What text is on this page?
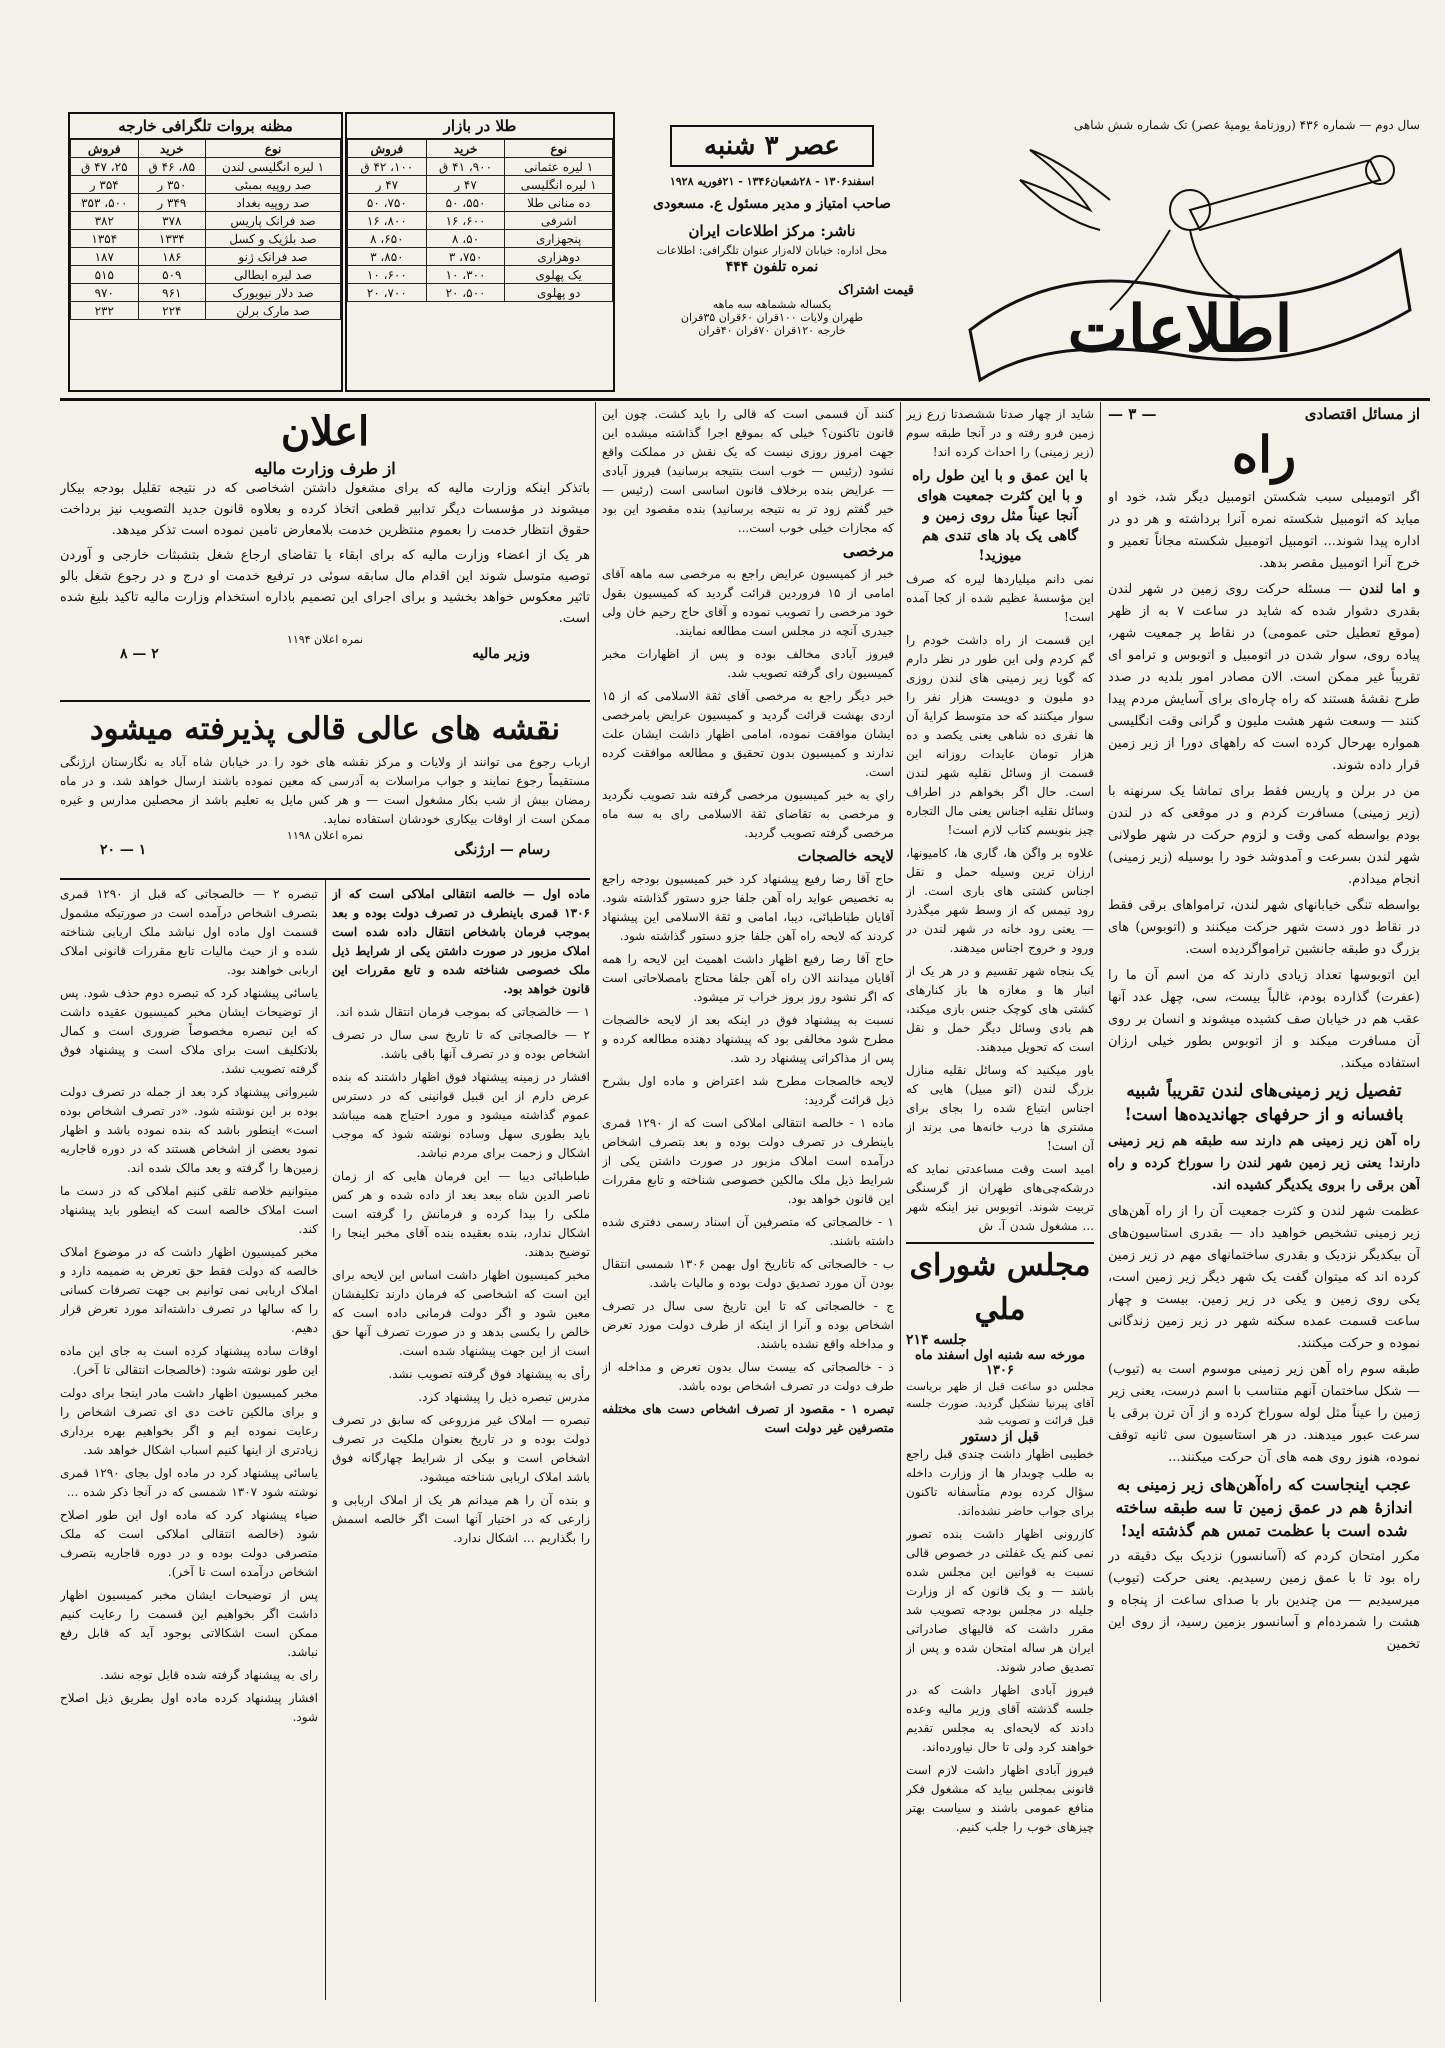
سال دوم — شماره ۴۳۶ (روزنامهٔ یومیهٔ عصر) تک شماره شش شاهی
اطلاعات
عصر ۳ شنبه
اسفند۱۳۰۶ - ۲۸شعبان۱۳۴۶ - ۲۱فوریه ۱۹۲۸
صاحب امتیاز و مدیر مسئول ع. مسعودی
ناشر: مرکز اطلاعات ایران
محل اداره: خیابان لاله‌زار عنوان تلگرافی: اطلاعات
نمره تلفون ۴۴۴
قیمت اشتراک
یکساله ششماهه سه ماهه
طهران ولایات ۱۰۰قران ۶۰قران ۳۵قران
خارجه ۱۲۰قران ۷۰قران ۴۰قران
طلا در بازار
نوع	خرید	فروش
۱ لیره عثمانی	۹۰۰، ۴۱ ق	۱۰۰، ۴۲ ق
۱ لیره انگلیسی	۴۷ ر	۴۷ ر
ده منانی طلا	۵۵۰، ۵۰	۷۵۰، ۵۰
اشرفی	۶۰۰، ۱۶	۸۰۰، ۱۶
پنجهزاری	۵۰، ۸	۶۵۰، ۸
دوهزاری	۷۵۰، ۳	۸۵۰، ۳
یک پهلوی	۳۰۰، ۱۰	۶۰۰، ۱۰
دو پهلوی	۵۰۰، ۲۰	۷۰۰، ۲۰
مظنه بروات تلگرافی خارجه
نوع	خرید	فروش
۱ لیره انگلیسی لندن	۸۵، ۴۶ ق	۲۵، ۴۷ ق
صد روپیه بمبئی	۳۵۰ ر	۳۵۴ ر
صد روپیه بغداد	۳۴۹ ر	۵۰۰، ۳۵۳
صد فرانک پاریس	۳۷۸	۳۸۲
صد بلژیک و کسل	۱۳۳۴	۱۳۵۴
صد فرانک ژنو	۱۸۶	۱۸۷
صد لیره ایطالی	۵۰۹	۵۱۵
صد دلار نیویورک	۹۶۱	۹۷۰
صد مارک برلن	۲۲۴	۲۳۲
از مسائل اقتصادی
— ۳ —
راه

اگر اتومبیلی سبب شکستن اتومبیل دیگر شد، خود او میاید که اتومبیل شکسته نمره آنرا برداشته و هر دو در اداره پیدا شوند... اتومبیل اتومبیل شکسته مجاناً تعمیر و خرج آنرا اتومبیل مقصر بدهد.

و اما لندن — مسئله حرکت روی زمین در شهر لندن بقدری دشوار شده که شاید در ساعت ۷ به از ظهر (موقع تعطیل حتی عمومی) در نقاط پر جمعیت شهر، پیاده روی، سوار شدن در اتومبیل و اتوبوس و ترامو ای تقریباً غیر ممکن است. الان مصادر امور بلدیه در صدد طرح نقشهٔ هستند که راه چاره‌ای برای آسایش مردم پیدا کنند — وسعت شهر هشت ملیون و گرانی وقت انگلیسی همواره بهرحال کرده است که راههای دورا از زیر زمین قرار داده شوند.

من در برلن و پاریس فقط برای تماشا یک سرنهنه با (زیر زمینی) مسافرت کردم و در موقعی که در لندن بودم بواسطه کمی وقت و لزوم حرکت در شهر طولانی شهر لندن بسرعت و آمدوشد خود را بوسیله (زیر زمینی) انجام میدادم.

بواسطه تنگی خیابانهای شهر لندن، ترامواهای برقی فقط در نقاط دور دست شهر حرکت میکنند و (اتوبوس) های بزرگ دو طبقه جانشین ترامواگردیده است.

این اتوبوسها تعداد زیادی دارند که من اسم آن ما را (عفرت) گذارده بودم، غالباً بیست، سی، چهل عدد آنها عقب هم در خیابان صف کشیده میشوند و انسان بر روی آن مسافرت میکند و از اتوبوس بطور خیلی ارزان استفاده میکند.

تفصیل زیر زمینی‌های لندن تقریباً شبیه بافسانه و از حرفهای جهاندیده‌ها است!

راه آهن زیر زمینی هم دارند سه طبقه هم زیر زمینی دارند! یعنی زیر زمین شهر لندن را سوراخ کرده و راه آهن برقی را بروی یکدیگر کشیده اند.

عظمت شهر لندن و کثرت جمعیت آن را از راه آهن‌های زیر زمینی تشخیص خواهید داد — بقدری استاسیون‌های آن بیکدیگر نزدیک و بقدری ساختمانهای مهم در زیر زمین کرده اند که میتوان گفت یک شهر دیگر زیر زمین است، یکی روی زمین و یکی در زیر زمین. بیست و چهار ساعت قسمت عمده سکنه شهر در زیر زمین زندگانی نموده و حرکت میکنند.

طبقه سوم راه آهن زیر زمینی موسوم است به (تیوب) — شکل ساختمان آنهم متناسب با اسم درست، یعنی زیر زمین را عیناً مثل لوله سوراخ کرده و از آن ترن برقی با سرعت عبور میدهند. در هر استاسیون سی ثانیه توقف نموده، هنوز روی همه های آن حرکت میکنند...

عجب اینجاست که راه‌آهن‌های زیر زمینی به اندازهٔ هم در عمق زمین تا سه طبقه ساخته شده است با عظمت تمس هم گذشته اید!

مکرر امتحان کردم که (آسانسور) نزدیک بیک دقیقه در راه بود تا با عمق زمین رسیدیم. یعنی حرکت (تیوب) میرسیدیم — من چندین بار با صدای ساعت از پنجاه و هشت را شمرده‌ام و آسانسور بزمین رسید، از روی این تخمین

شاید از چهار صدتا ششصدتا زرع زیر زمین فرو رفته و در آنجا طبقه سوم (زیر زمینی) را احداث کرده اند!

با این عمق و با این طول راه و با این کثرت جمعیت هوای آنجا عیناً مثل روی زمین و گاهی یک باد های تندی هم میوزید!

نمی دانم میلیاردها لیره که صرف این مؤسسهٔ عظیم شده از کجا آمده است!

این قسمت از راه داشت خودم را گم کردم ولی این طور در نظر دارم که گویا زیر زمینی های لندن روزی دو ملیون و دویست هزار نفر را سوار میکنند که حد متوسط کرایهٔ آن ها نفری ده شاهی یعنی یکصد و ده هزار تومان عایدات روزانه این قسمت از وسائل نقلیه شهر لندن است. حال اگر بخواهم در اطراف وسائل نقلیه اجناس یعنی مال التجاره چیز بنویسم کتاب لازم است!

علاوه بر واگن ها، گاری ها، کامیونها، ارزان ترین وسیله حمل و نقل اجناس کشتی های باری است. از رود تیمس که از وسط شهر میگذرد — یعنی رود خانه در شهر لندن در ورود و خروج اجناس میدهند.

یک بنجاه شهر تقسیم و در هر یک از انبار ها و مغازه ها باز کنارهای کشتی های کوچک جنس بازی میکند، هم بادی وسائل دیگر حمل و نقل است که تحویل میدهند.

باور میکنید که وسائل نقلیه منازل بزرگ لندن (اتو مبیل) هایی که اجناس ابتیاع شده را بجای برای مشتری ها درب خانه‌ها می برند از آن است!

امید است وقت مساعدتی نماید که درشکه‌چی‌های طهران از گرسنگی تربیت شوند. اتوبوس نیز اینکه شهر ... مشغول شدن آ. ش

مجلس شورای ملي
جلسه ۲۱۴
مورخه سه شنبه اول اسفند ماه ۱۳۰۶
مجلس دو ساعت قبل از ظهر بریاست آقای پیرنیا تشکیل گردید. صورت جلسه قبل قرائت و تصویب شد
قبل از دستور

خطیبی اظهار داشت چندی قبل راجع به طلب چوبدار ها از وزارت داخله سؤال کرده بودم متأسفانه تاکنون برای جواب حاضر نشده‌اند.

کازرونی اظهار داشت بنده تصور نمی کنم یک غفلتی در خصوص قالی نسبت به قوانین این مجلس شده باشد — و یک قانون که از وزارت جلیله در مجلس بودجه تصویب شد مقرر داشت که قالیهای صادراتی ایران هر ساله امتحان شده و پس از تصدیق صادر شوند.

فیروز آبادی اظهار داشت که در جلسه گذشته آقای وزیر مالیه وعده دادند که لایحه‌ای به مجلس تقدیم خواهند کرد ولی تا حال نیاورده‌اند.

فیروز آبادی اظهار داشت لازم است قانونی بمجلس بیاید که مشغول فکر منافع عمومی باشند و سیاست بهتر چیزهای خوب را جلب کنیم.

کنند آن قسمی است که قالی را باید کشت. چون این قانون تاکنون؟ خیلی که بموقع اجرا گذاشته میشده این جهت امروز روزی نیست که یک نقش در مملکت واقع نشود (رئیس — خوب است بنتیجه برسانید) فیروز آبادی — عرایض بنده برخلاف قانون اساسی است (رئیس — خیر گفتم زود تر به نتیجه برسانید) بنده مقصود این بود که مجازات خیلی خوب است...

مرخصی

خبر از کمیسیون عرایض راجع به مرخصی سه ماهه آقای امامی از ۱۵ فروردین قرائت گردید که کمیسیون بقول خود مرخصی را تصویب نموده و آقای حاج رحیم خان ولی جیدری آنچه در مجلس است مطالعه نمایند.

فیروز آبادی مخالف بوده و پس از اظهارات مخبر کمیسیون رای گرفته تصویب شد.

خبر دیگر راجع به مرخصی آقای ثقة الاسلامی که از ۱۵ اردی بهشت قرائت گردید و کمیسیون عرایض بامرخصی ایشان موافقت نموده، امامی اظهار داشت ایشان علت ندارند و کمیسیون بدون تحقیق و مطالعه موافقت کرده است.

راي به خبر کمیسیون مرخصی گرفته شد تصویب نگردید و مرخصی به تقاضای ثقة الاسلامی رای به سه ماه مرخصی گرفته تصویب گردید.

لایحه خالصجات

حاج آقا رضا رفیع پیشنهاد کرد خبر کمیسیون بودجه راجع به تخصیص عواید راه آهن جلفا جزو دستور گذاشته شود. آقایان طباطبائی، دیبا، امامی و ثقة الاسلامی این پیشنهاد کردند که لایحه راه آهن جلفا جزو دستور گذاشته شود.

حاج آقا رضا رفیع اظهار داشت اهمیت این لایحه را همه آقایان میدانند الان راه آهن جلفا محتاج بامصلاحاتی است که اگر نشود روز بروز خراب تر میشود.

نسبت به پیشنهاد فوق در اینکه بعد از لایحه خالصجات مطرح شود مخالفی بود که پیشنهاد دهنده مطالعه کرده و پس از مذاکراتی پیشنهاد رد شد.

لایحه خالصجات مطرح شد اعتراض و ماده اول بشرح ذیل قرائت گردید:

ماده ۱ - خالصه انتقالی املاکی است که از ۱۲۹۰ قمری باینطرف در تصرف دولت بوده و بعد بتصرف اشخاص درآمده است املاک مزبور در صورت داشتن یکی از شرایط ذیل ملک مالکین خصوصی شناخته و تابع مقررات این قانون خواهد بود.

۱ - خالصجاتی که متصرفین آن اسناد رسمی دفتری شده داشته باشند.

ب - خالصجاتی که تاتاریخ اول بهمن ۱۳۰۶ شمسی انتقال بودن آن مورد تصدیق دولت بوده و مالیات باشد.

ج - خالصجاتی که تا این تاریخ سی سال در تصرف اشخاص بوده و آنرا از اینکه از طرف دولت مورد تعرض و مداخله واقع نشده باشند.

د - خالصجاتی که بیست سال بدون تعرض و مداخله از طرف دولت در تصرف اشخاص بوده باشد.

تبصره ۱ - مقصود از تصرف اشخاص دست های مختلفه متصرفین غیر دولت است

اعلان
از طرف وزارت مالیه

باتذکر اینکه وزارت مالیه که برای مشغول داشتن اشخاصی که در نتیجه تقلیل بودجه بیکار میشوند در مؤسسات دیگر تدابیر قطعی اتخاذ کرده و بعلاوه قانون جدید التصویب نیز برداخت حقوق انتظار خدمت را بعموم منتظرین خدمت بلامعارض تامین نموده است تذکر میدهد.

هر یک از اعضاء وزارت مالیه که برای ابقاء یا تقاضای ارجاع شغل بتشبثات خارجی و آوردن توصیه متوسل شوند این اقدام مال سابقه سوئی در ترفیع خدمت او درج و در رجوع شغل بالو تاثیر معکوس خواهد بخشید و برای اجرای این تصمیم باداره استخدام وزارت مالیه تاکید بلیغ شده است.

نمره اعلان ۱۱۹۴
وزیر مالیه
۲ — ۸
نقشه های عالی قالی پذیرفته میشود
ارباب رجوع می توانند از ولایات و مرکز نقشه های خود را در خیابان شاه آباد به نگارستان ارژنگی مستقیماً رجوع نمایند و جواب مراسلات به آدرسی که معین نموده باشند ارسال خواهد شد. و در ماه رمضان بیش از شب بکار مشغول است — و هر کس مایل به تعلیم باشد از محصلین مدارس و غیره ممکن است از اوقات بیکاری خودشان استفاده نماید.
نمره اعلان ۱۱۹۸
رسام — ارژنگی
۱ — ۲۰

ماده اول — خالصه انتقالی املاکی است که از ۱۳۰۶ قمری باینطرف در تصرف دولت بوده و بعد بموجب فرمان باشخاص انتقال داده شده است املاک مزبور در صورت داشتن یکی از شرایط ذیل ملک خصوصی شناخته شده و تابع مقررات این قانون خواهد بود.

۱ — خالصجاتی که بموجب فرمان انتقال شده اند.

۲ — خالصجاتی که تا تاریخ سی سال در تصرف اشخاص بوده و در تصرف آنها باقی باشد.

افشار در زمینه پیشنهاد فوق اظهار داشتند که بنده عرض دارم از این قبیل قوانینی که در دسترس عموم گذاشته میشود و مورد احتیاج همه میباشد باید بطوری سهل وساده نوشته شود که موجب اشکال و زحمت برای مردم نباشد.

طباطبائی دیبا — این فرمان هایی که از زمان ناصر الدین شاه ببعد بعد از داده شده و هر کس ملکی را بیدا کرده و فرمانش را گرفته است اشکال ندارد، بنده بعقیده بنده آقای مخبر اینجا را توضیح بدهند.

مخبر کمیسیون اظهار داشت اساس این لایحه برای این است که اشخاصی که فرمان دارند تکلیفشان معین شود و اگر دولت فرمانی داده است که خالص را بکسی بدهد و در صورت تصرف آنها حق است از این جهت پیشنهاد شده است.

رأی به پیشنهاد فوق گرفته تصویب نشد.

مدرس تبصره ذیل را پیشنهاد کرد.

تبصره — املاک غیر مزروعی که سابق در تصرف دولت بوده و در تاریخ بعنوان ملکیت در تصرف اشخاص است و بیکی از شرایط چهارگانه فوق باشد املاک اربابی شناخته میشود.

و بنده آن را هم میدانم هر یک از املاک اربابی و زارعی که در اختیار آنها است اگر خالصه اسمش را بگذاریم ... اشکال ندارد.

تبصره ۲ — خالصجاتی که قبل از ۱۲۹۰ قمری بتصرف اشخاص درآمده است در صورتیکه مشمول قسمت اول ماده اول نباشد ملک اربابی شناخته شده و از حیث مالیات تابع مقررات قانونی املاک اربابی خواهند بود.

یاسائی پیشنهاد کرد که تبصره دوم حذف شود. پس از توضیحات ایشان مخبر کمیسیون عقیده داشت که این تبصره مخصوصاً ضروری است و کمال بلاتکلیف است برای ملاک است و پیشنهاد فوق گرفته تصویب نشد.

شیروانی پیشنهاد کرد بعد از جمله در تصرف دولت بوده بر این نوشته شود. «در تصرف اشخاص بوده است» اینطور باشد که بنده نموده باشد و اظهار نمود بعضی از اشخاص هستند که در دوره قاجاریه زمین‌ها را گرفته و بعد مالک شده اند.

میتوانیم خلاصه تلقی کنیم املاکی که در دست ما است املاک خالصه است که اینطور باید پیشنهاد کند.

مخبر کمیسیون اظهار داشت که در موضوع املاک خالصه که دولت فقط حق تعرض به ضمیمه دارد و املاک اربابی نمی توانیم بی جهت تصرفات کسانی را که سالها در تصرف داشته‌اند مورد تعرض قرار دهیم.

اوقات ساده پیشنهاد کرده است به جای این ماده این طور نوشته شود: (خالصجات انتقالی تا آخر).

مخبر کمیسیون اظهار داشت مادر اینجا برای دولت و برای مالکین تاخت دی ای تصرف اشخاص را رعایت نموده ایم و اگر بخواهیم بهره برداری زیادتری از اینها کنیم اسباب اشکال خواهد شد.

یاسائی پیشنهاد کرد در ماده اول بجای ۱۲۹۰ قمری نوشته شود ۱۳۰۷ شمسی که در آنجا ذکر شده ...

ضیاء پیشنهاد کرد که ماده اول این طور اصلاح شود (خالصه انتقالی املاکی است که ملک متصرفی دولت بوده و در دوره قاجاریه بتصرف اشخاص درآمده است تا آخر).

پس از توضیحات ایشان مخبر کمیسیون اظهار داشت اگر بخواهیم این قسمت را رعایت کنیم ممکن است اشکالاتی بوجود آید که قابل رفع نباشد.

رای به پیشنهاد گرفته شده قابل توجه نشد.

افشار پیشنهاد کرده ماده اول بطریق ذیل اصلاح شود.
